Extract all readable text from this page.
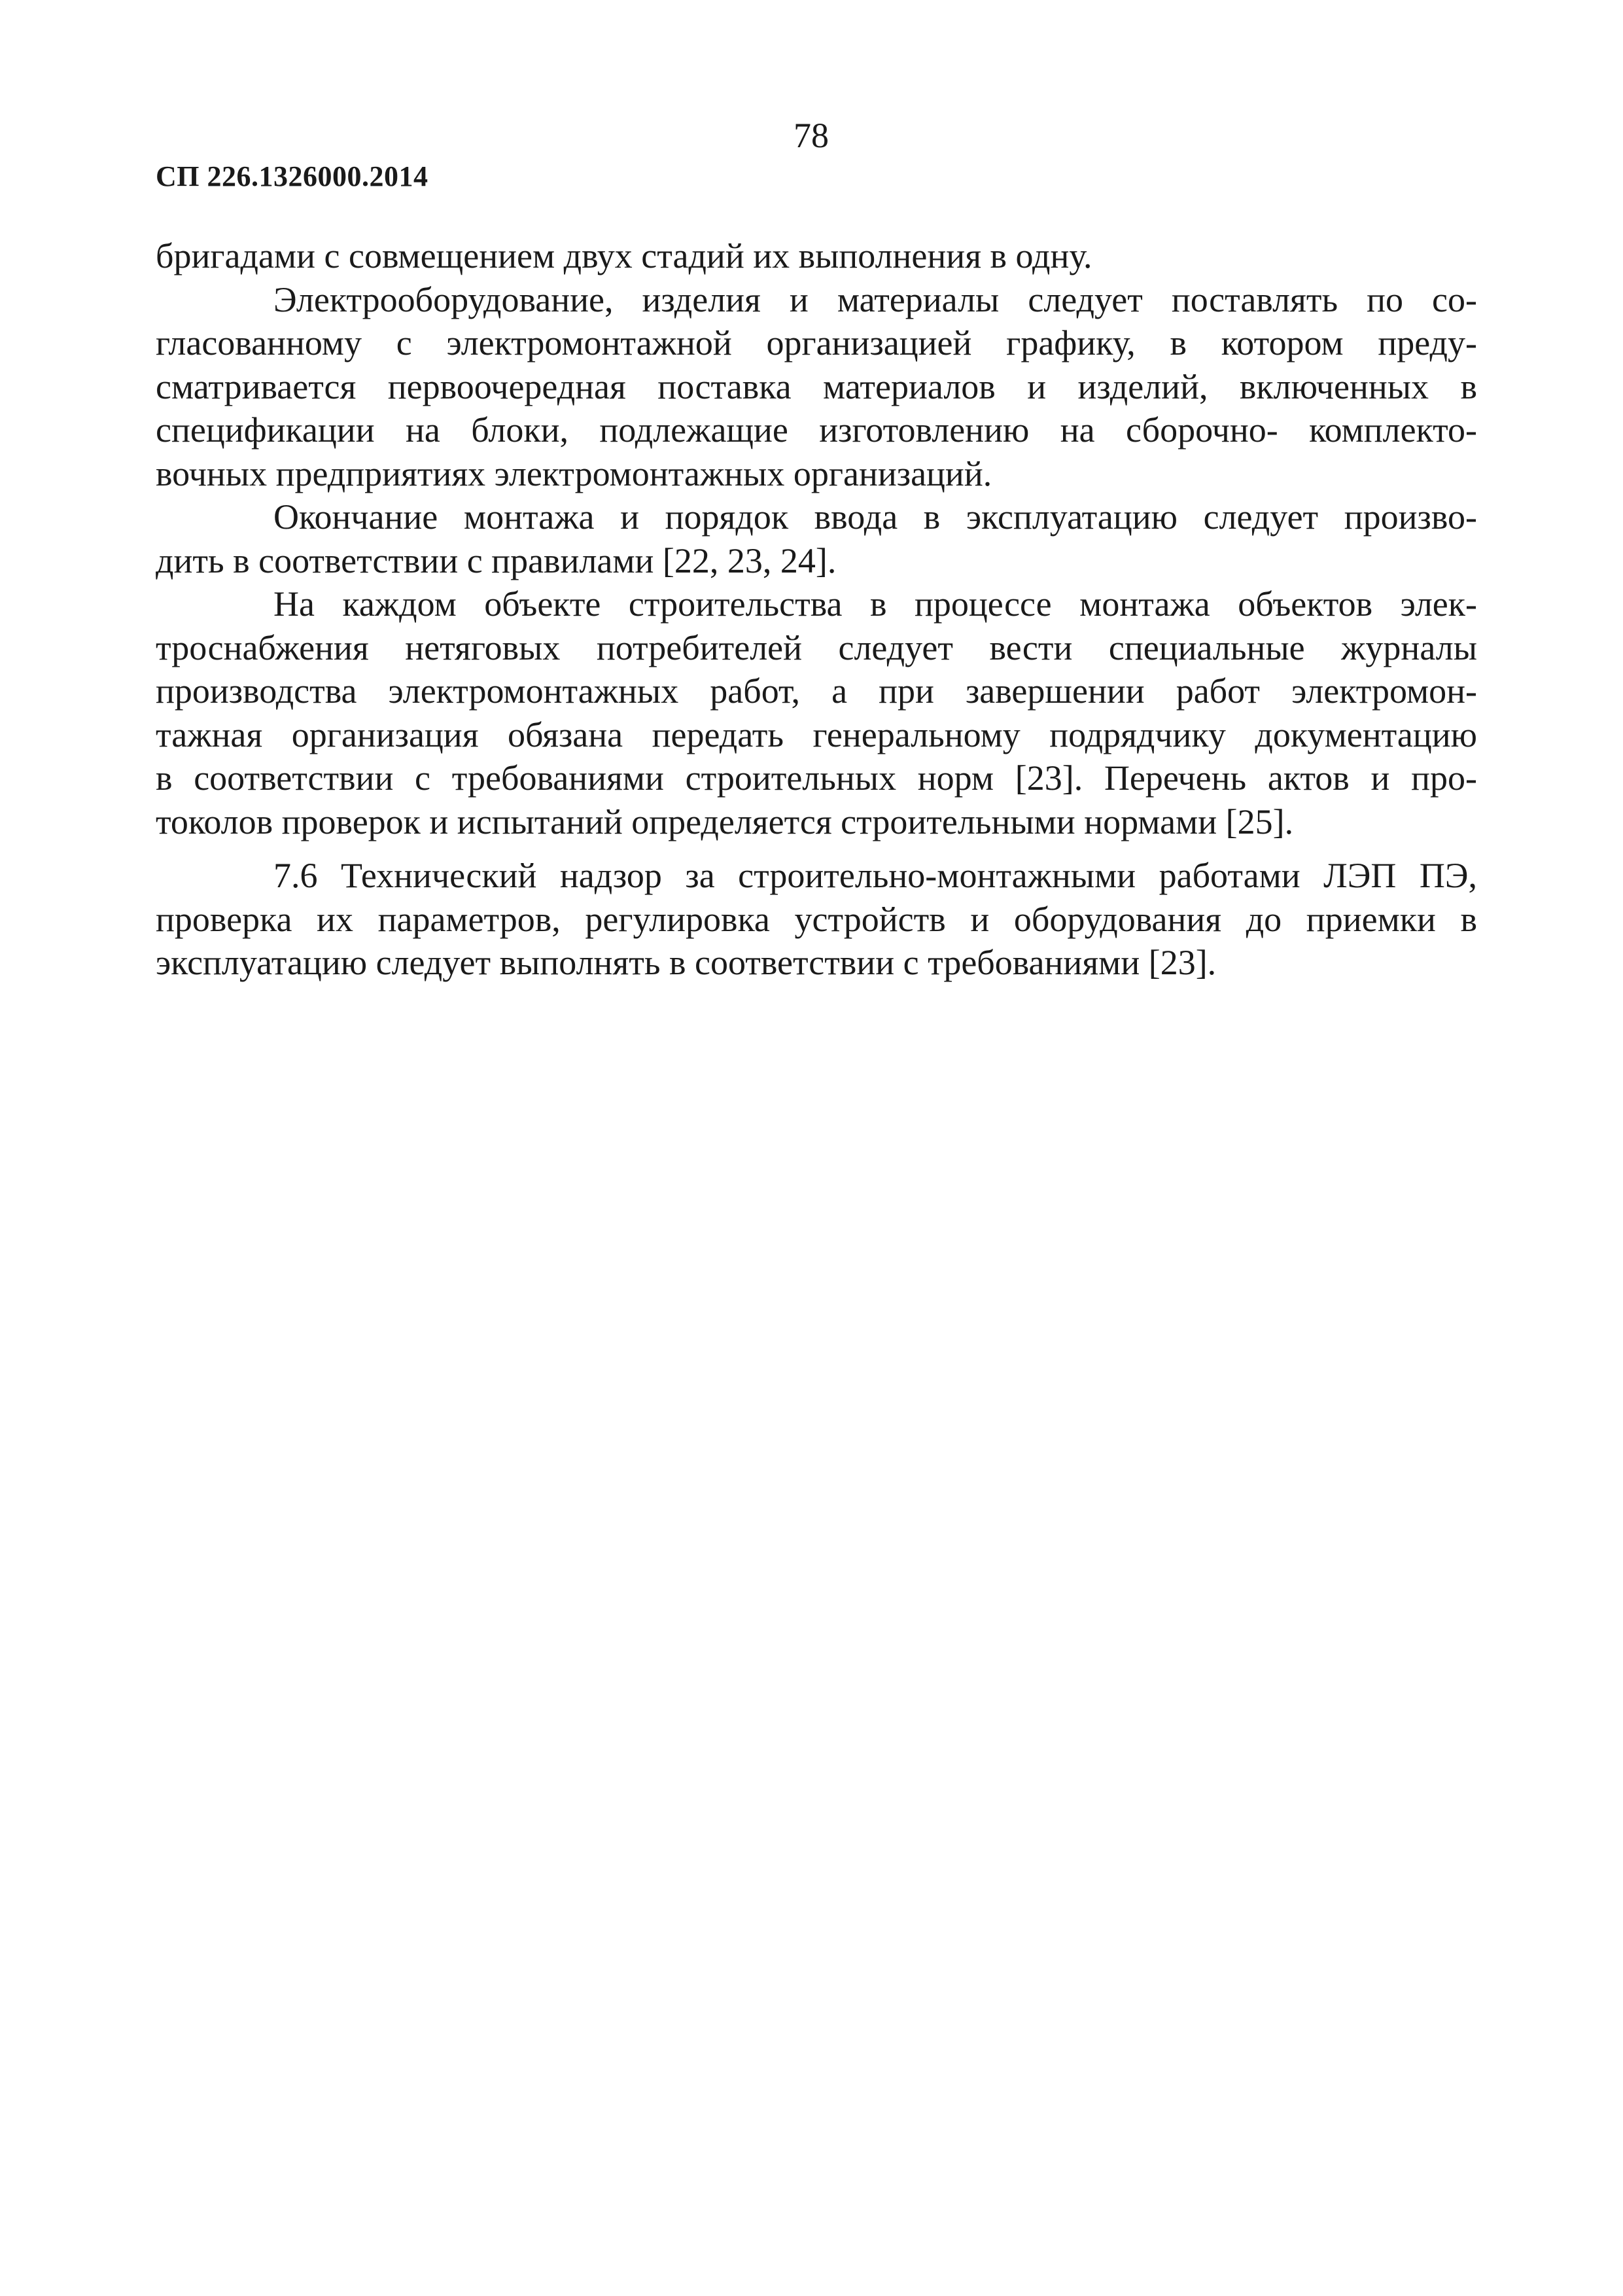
78
СП 226.1326000.2014
бригадами с совмещением двух стадий их выполнения в одну.
Электрооборудование, изделия и материалы следует поставлять по со-
гласованному с электромонтажной организацией графику, в котором преду-
сматривается первоочередная поставка материалов и изделий, включенных в
спецификации на блоки, подлежащие изготовлению на сборочно- комплекто-
вочных предприятиях электромонтажных организаций.
Окончание монтажа и порядок ввода в эксплуатацию следует произво-
дить в соответствии с правилами [22, 23, 24].
На каждом объекте строительства в процессе монтажа объектов элек-
троснабжения нетяговых потребителей следует вести специальные журналы
производства электромонтажных работ, а при завершении работ электромон-
тажная организация обязана передать генеральному подрядчику документацию
в соответствии с требованиями строительных норм [23]. Перечень актов и про-
токолов проверок и испытаний определяется строительными нормами [25].
7.6 Технический надзор за строительно-монтажными работами ЛЭП ПЭ,
проверка их параметров, регулировка устройств и оборудования до приемки в
эксплуатацию следует выполнять в соответствии с требованиями [23].
